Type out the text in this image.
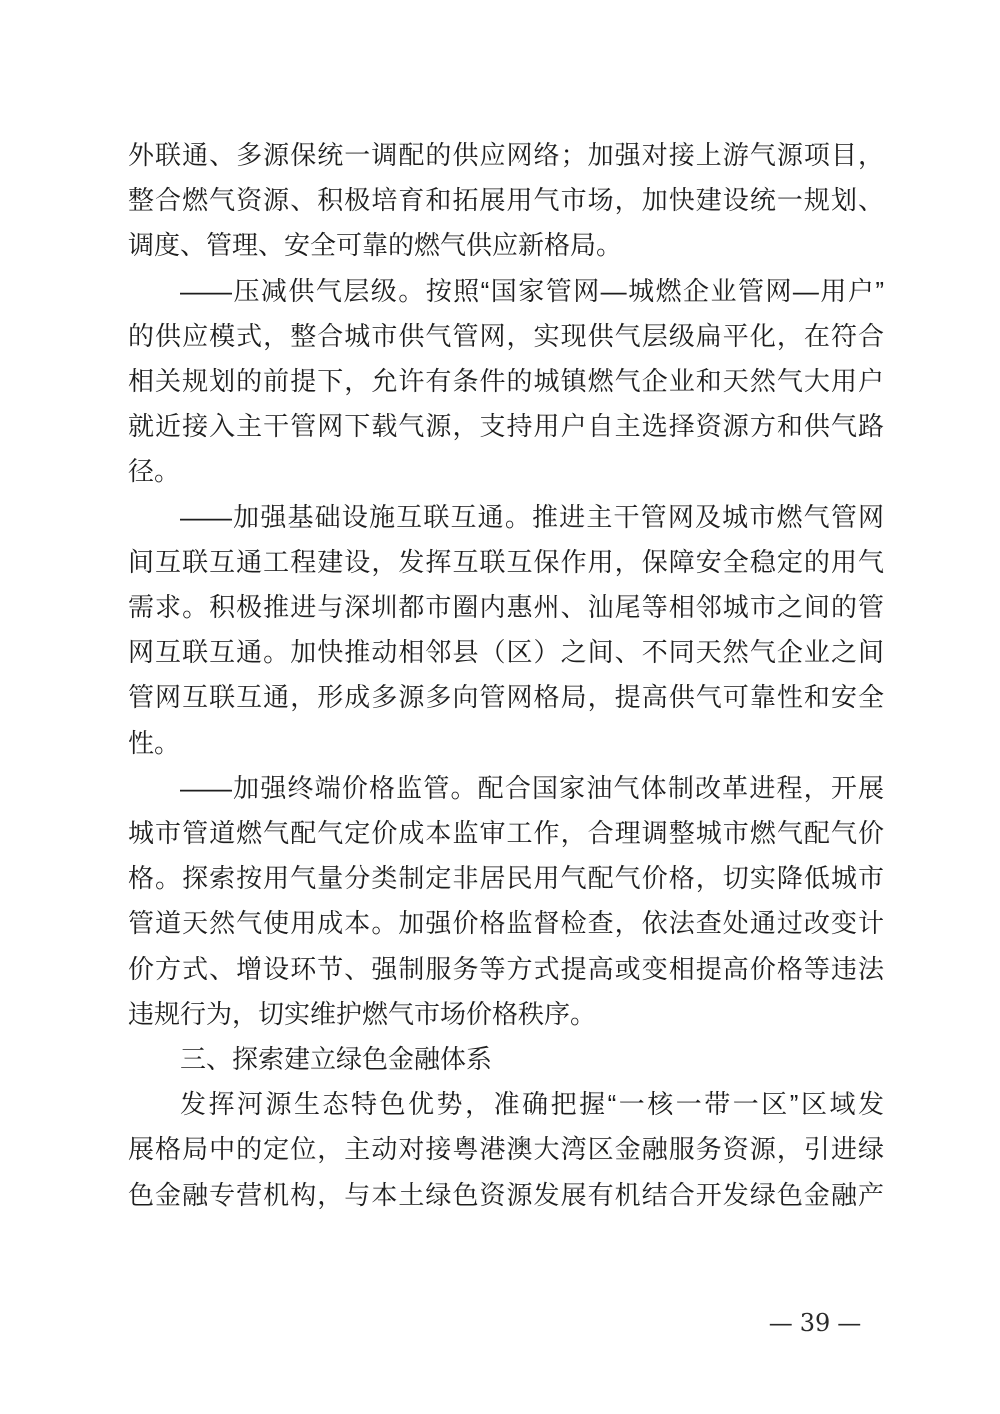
外联通、多源保统一调配的供应网络；加强对接上游气源项目，
整合燃气资源、积极培育和拓展用气市场，加快建设统一规划、
调度、管理、安全可靠的燃气供应新格局。
——压减供气层级。按照“国家管网—城燃企业管网—用户”
的供应模式，整合城市供气管网，实现供气层级扁平化，在符合
相关规划的前提下，允许有条件的城镇燃气企业和天然气大用户
就近接入主干管网下载气源，支持用户自主选择资源方和供气路
径。
——加强基础设施互联互通。推进主干管网及城市燃气管网
间互联互通工程建设，发挥互联互保作用，保障安全稳定的用气
需求。积极推进与深圳都市圈内惠州、汕尾等相邻城市之间的管
网互联互通。加快推动相邻县（区）之间、不同天然气企业之间
管网互联互通，形成多源多向管网格局，提高供气可靠性和安全
性。
——加强终端价格监管。配合国家油气体制改革进程，开展
城市管道燃气配气定价成本监审工作，合理调整城市燃气配气价
格。探索按用气量分类制定非居民用气配气价格，切实降低城市
管道天然气使用成本。加强价格监督检查，依法查处通过改变计
价方式、增设环节、强制服务等方式提高或变相提高价格等违法
违规行为，切实维护燃气市场价格秩序。
三、探索建立绿色金融体系
发挥河源生态特色优势，准确把握“一核一带一区”区域发
展格局中的定位，主动对接粤港澳大湾区金融服务资源，引进绿
色金融专营机构，与本土绿色资源发展有机结合开发绿色金融产
— 39 —
